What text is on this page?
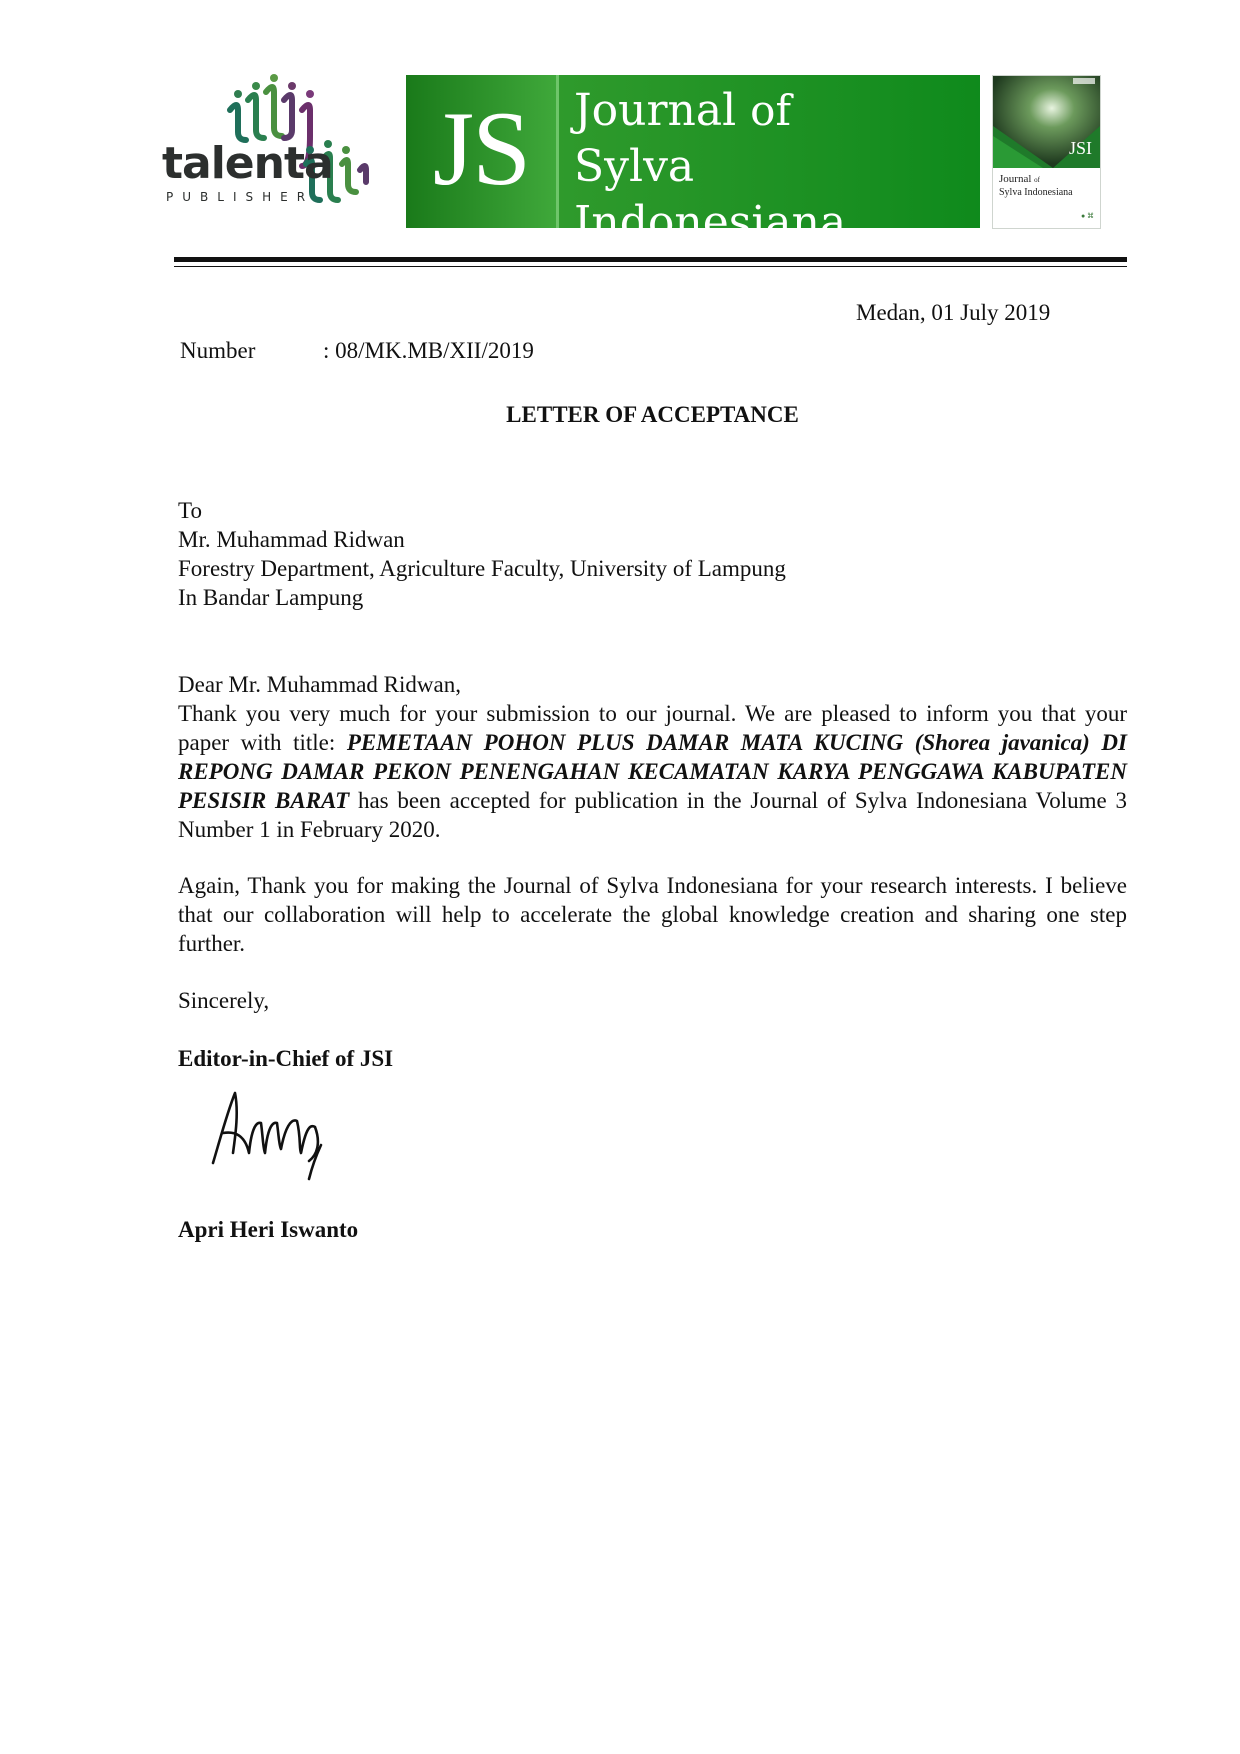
talenta
PUBLISHER JS Journal of
Sylva Indonesiana
JSI
Journal of
Sylva Indonesiana
● ⌘
Medan, 01 July 2019
Number	: 08/MK.MB/XII/2019
LETTER OF ACCEPTANCE
To
Mr. Muhammad Ridwan
Forestry Department, Agriculture Faculty, University of Lampung
In Bandar Lampung
Dear Mr. Muhammad Ridwan,
Thank you very much for your submission to our journal. We are pleased to inform you that your paper with title: PEMETAAN POHON PLUS DAMAR MATA KUCING (Shorea javanica) DI REPONG DAMAR PEKON PENENGAHAN KECAMATAN KARYA PENGGAWA KABUPATEN PESISIR BARAT has been accepted for publication in the Journal of Sylva Indonesiana Volume 3 Number 1 in February 2020.
Again, Thank you for making the Journal of Sylva Indonesiana for your research interests. I believe that our collaboration will help to accelerate the global knowledge creation and sharing one step further.
Sincerely,
Editor-in-Chief of JSI
Apri Heri Iswanto
